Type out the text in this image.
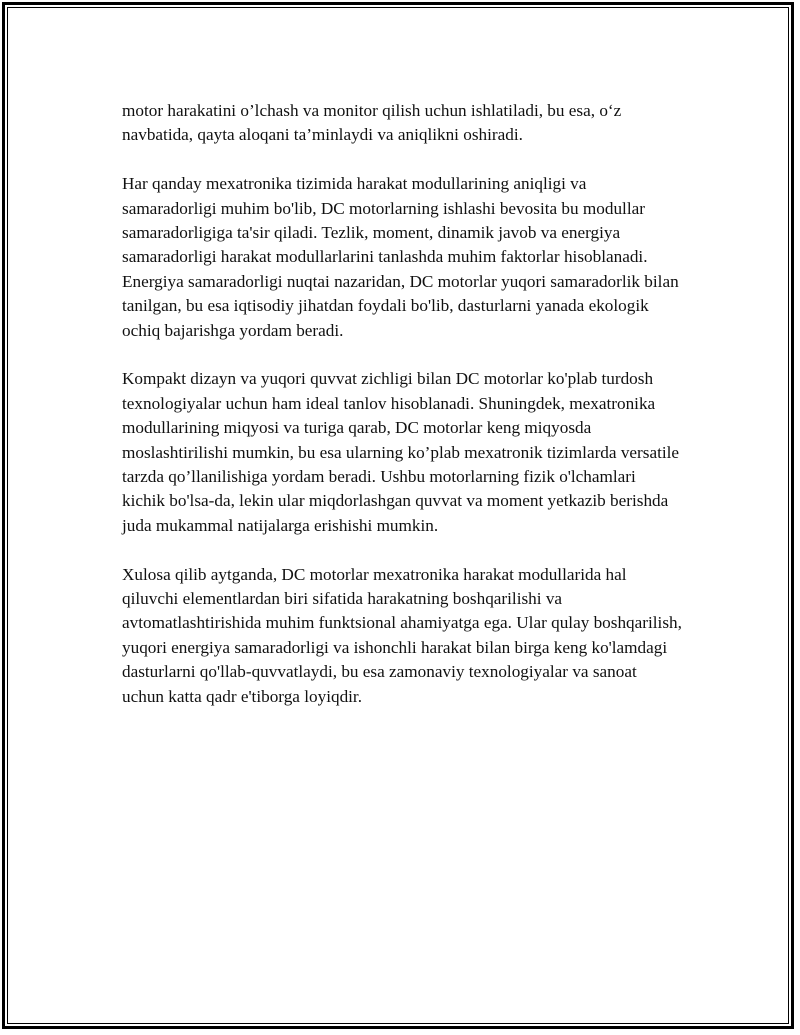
motor harakatini o’lchash va monitor qilish uchun ishlatiladi, bu esa, o‘z navbatida, qayta aloqani ta’minlaydi va aniqlikni oshiradi.

Har qanday mexatronika tizimida harakat modullarining aniqligi va samaradorligi muhim bo'lib, DC motorlarning ishlashi bevosita bu modullar samaradorligiga ta'sir qiladi. Tezlik, moment, dinamik javob va energiya samaradorligi harakat modullarlarini tanlashda muhim faktorlar hisoblanadi. Energiya samaradorligi nuqtai nazaridan, DC motorlar yuqori samaradorlik bilan tanilgan, bu esa iqtisodiy jihatdan foydali bo'lib, dasturlarni yanada ekologik ochiq bajarishga yordam beradi.

Kompakt dizayn va yuqori quvvat zichligi bilan DC motorlar ko'plab turdosh texnologiyalar uchun ham ideal tanlov hisoblanadi. Shuningdek, mexatronika modullarining miqyosi va turiga qarab, DC motorlar keng miqyosda moslashtirilishi mumkin, bu esa ularning ko’plab mexatronik tizimlarda versatile tarzda qo’llanilishiga yordam beradi. Ushbu motorlarning fizik o'lchamlari kichik bo'lsa-da, lekin ular miqdorlashgan quvvat va moment yetkazib berishda juda mukammal natijalarga erishishi mumkin.

Xulosa qilib aytganda, DC motorlar mexatronika harakat modullarida hal qiluvchi elementlardan biri sifatida harakatning boshqarilishi va avtomatlashtirishida muhim funktsional ahamiyatga ega. Ular qulay boshqarilish, yuqori energiya samaradorligi va ishonchli harakat bilan birga keng ko'lamdagi dasturlarni qo'llab-quvvatlaydi, bu esa zamonaviy texnologiyalar va sanoat uchun katta qadr e'tiborga loyiqdir.
